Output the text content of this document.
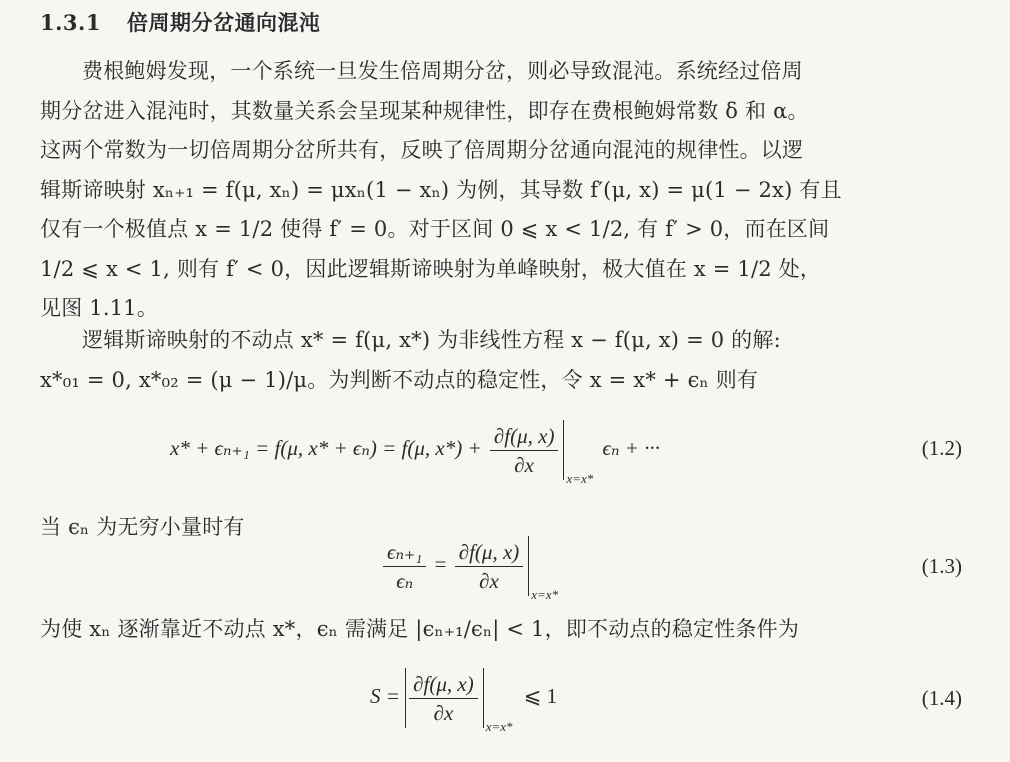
1.3.1 倍周期分岔通向混沌
费根鲍姆发现，一个系统一旦发生倍周期分岔，则必导致混沌。系统经过倍周
期分岔进入混沌时，其数量关系会呈现某种规律性，即存在费根鲍姆常数 δ 和 α。
这两个常数为一切倍周期分岔所共有，反映了倍周期分岔通向混沌的规律性。以逻
辑斯谛映射 xₙ₊₁ = f(μ, xₙ) = μxₙ(1 − xₙ) 为例，其导数 f′(μ, x) = μ(1 − 2x) 有且
仅有一个极值点 x = 1/2 使得 f′ = 0。对于区间 0 ⩽ x < 1/2, 有 f′ > 0，而在区间
1/2 ⩽ x < 1, 则有 f′ < 0，因此逻辑斯谛映射为单峰映射，极大值在 x = 1/2 处，
见图 1.11。
逻辑斯谛映射的不动点 x* = f(μ, x*) 为非线性方程 x − f(μ, x) = 0 的解:
x*₀₁ = 0, x*₀₂ = (μ − 1)/μ。为判断不动点的稳定性，令 x = x* + ϵₙ 则有
x* + ϵₙ₊₁ = f(μ, x* + ϵₙ) = f(μ, $x*) + \frac{\partial f(\mu, x)}{\partial x} x=x*$ ϵₙ + ···	(1.2)
当 ϵₙ 为无穷小量时有
$\frac{\text{ϵₙ₊₁}}{\text{ϵₙ}} = \frac{\partial f(\mu, x)}{\partial x} x=x*$
(1.3)
为使 xₙ 逐渐靠近不动点 x*，ϵₙ 需满足 |ϵₙ₊₁/ϵₙ| < 1，即不动点的稳定性条件为
$S = \frac{\partial f(\mu, x)}{\partial x} x=x*$ ⩽ 1	(1.4)
